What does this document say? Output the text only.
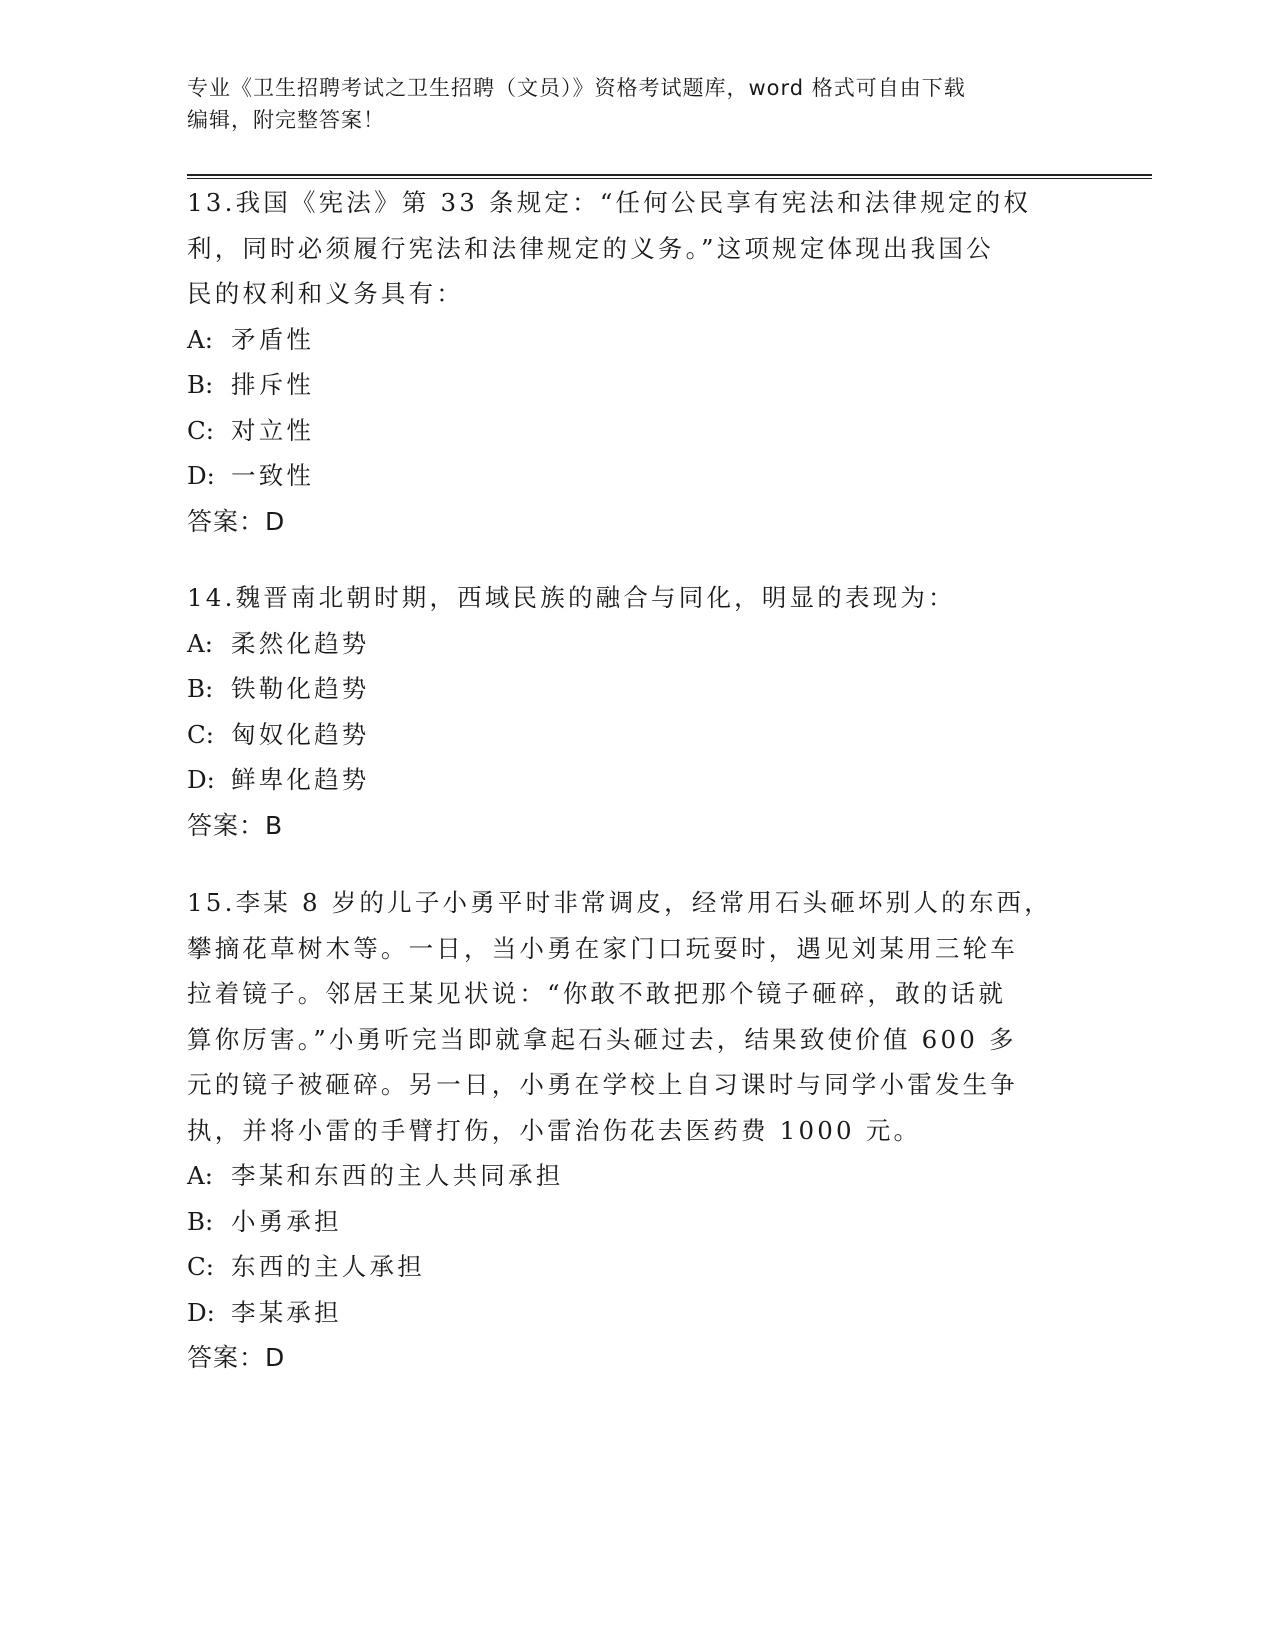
专业《卫生招聘考试之卫生招聘（文员）》资格考试题库，word 格式可自由下载
编辑，附完整答案！
13.我国《宪法》第 33 条规定：“任何公民享有宪法和法律规定的权
利，同时必须履行宪法和法律规定的义务。”这项规定体现出我国公
民的权利和义务具有：
A: 矛盾性
B: 排斥性
C: 对立性
D: 一致性
答案：D
14.魏晋南北朝时期，西域民族的融合与同化，明显的表现为：
A: 柔然化趋势
B: 铁勒化趋势
C: 匈奴化趋势
D: 鲜卑化趋势
答案：B
15.李某 8 岁的儿子小勇平时非常调皮，经常用石头砸坏别人的东西，
攀摘花草树木等。一日，当小勇在家门口玩耍时，遇见刘某用三轮车
拉着镜子。邻居王某见状说：“你敢不敢把那个镜子砸碎，敢的话就
算你厉害。”小勇听完当即就拿起石头砸过去，结果致使价值 600 多
元的镜子被砸碎。另一日，小勇在学校上自习课时与同学小雷发生争
执，并将小雷的手臂打伤，小雷治伤花去医药费 1000 元。
A: 李某和东西的主人共同承担
B: 小勇承担
C: 东西的主人承担
D: 李某承担
答案：D
